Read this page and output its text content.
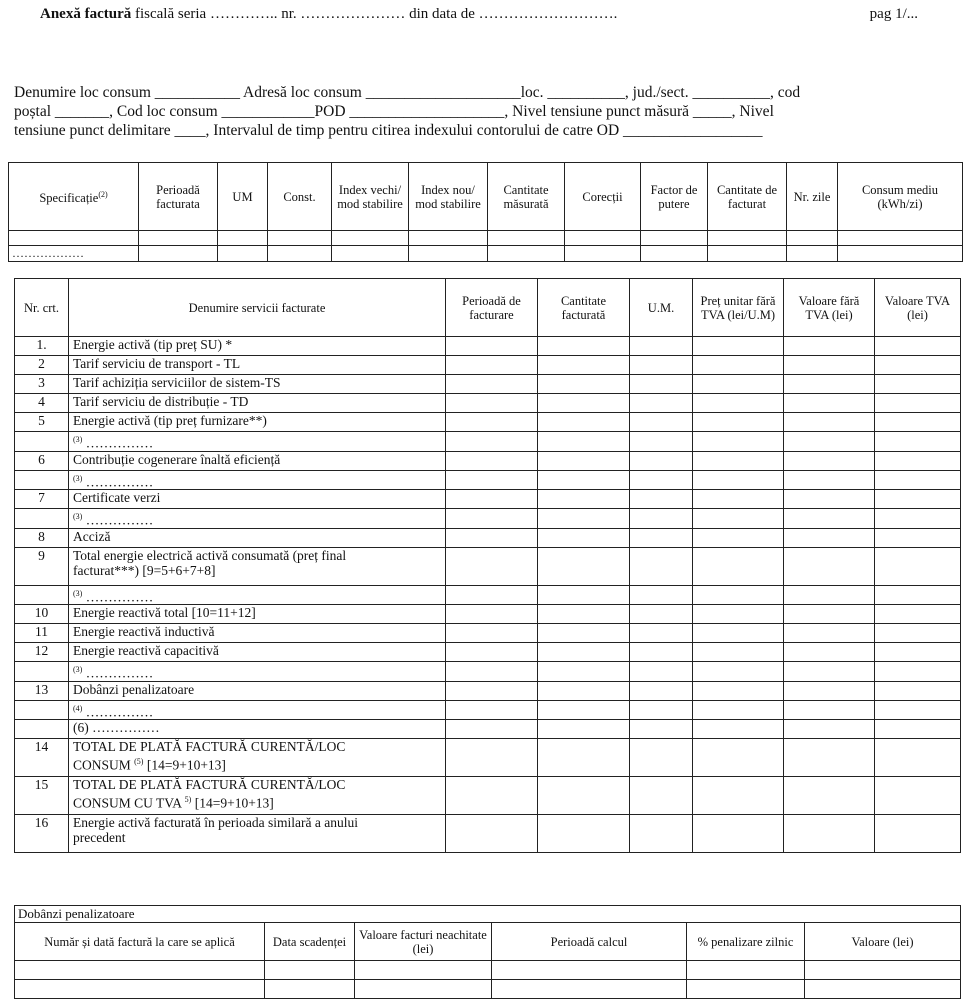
Anexă factură fiscală seria ………….. nr. ………………… din data de ……………………….	pag 1/...
Denumire loc consum ___________ Adresă loc consum ____________________loc. __________, jud./sect. __________, cod
poștal _______, Cod loc consum ____________POD ____________________, Nivel tensiune punct măsură _____, Nivel
tensiune punct delimitare ____, Intervalul de timp pentru citirea indexului contorului de catre OD __________________
Specificație$^{(2)}$	Perioadă facturata	UM	Const.	Index vechi/ mod stabilire	Index nou/ mod stabilire	Cantitate măsurată	Corecții	Factor de putere	Cantitate de facturat	Nr. zile	Consum mediu (kWh/zi)

………………											
Nr. crt.	Denumire servicii facturate	Perioadă de facturare	Cantitate facturată	U.M.	Preț unitar fără TVA (lei/U.M)	Valoare fără TVA (lei)	Valoare TVA (lei)
1.	Energie activă (tip preț SU) *						
2	Tarif serviciu de transport - TL						
3	Tarif achiziția serviciilor de sistem-TS						
4	Tarif serviciu de distribuție - TD						
5	Energie activă (tip preț furnizare**)						
	$^{(3)}$ ……………						
6	Contribuție cogenerare înaltă eficiență						
	$^{(3)}$ ……………						
7	Certificate verzi						
	$^{(3)}$ ……………						
8	Acciză						
9	Total energie electrică activă consumată (preț final
facturat***) [9=5+6+7+8]						
	$^{(3)}$ ……………						
10	Energie reactivă total [10=11+12]						
11	Energie reactivă inductivă						
12	Energie reactivă capacitivă						
	$^{(3)}$ ……………						
13	Dobânzi penalizatoare						
	$^{(4)}$ ……………						
	(6) ……………						
14	TOTAL DE PLATĂ FACTURĂ CURENTĂ/LOC
CONSUM $^{(5)}$ [14=9+10+13]						
15	TOTAL DE PLATĂ FACTURĂ CURENTĂ/LOC
CONSUM CU TVA $^{5)}$ [14=9+10+13]						
16	Energie activă facturată în perioada similară a anului
precedent						
Dobânzi penalizatoare					
Număr și dată factură la care se aplică	Data scadenței	Valoare facturi neachitate (lei)	Perioadă calcul	% penalizare zilnic	Valoare (lei)
